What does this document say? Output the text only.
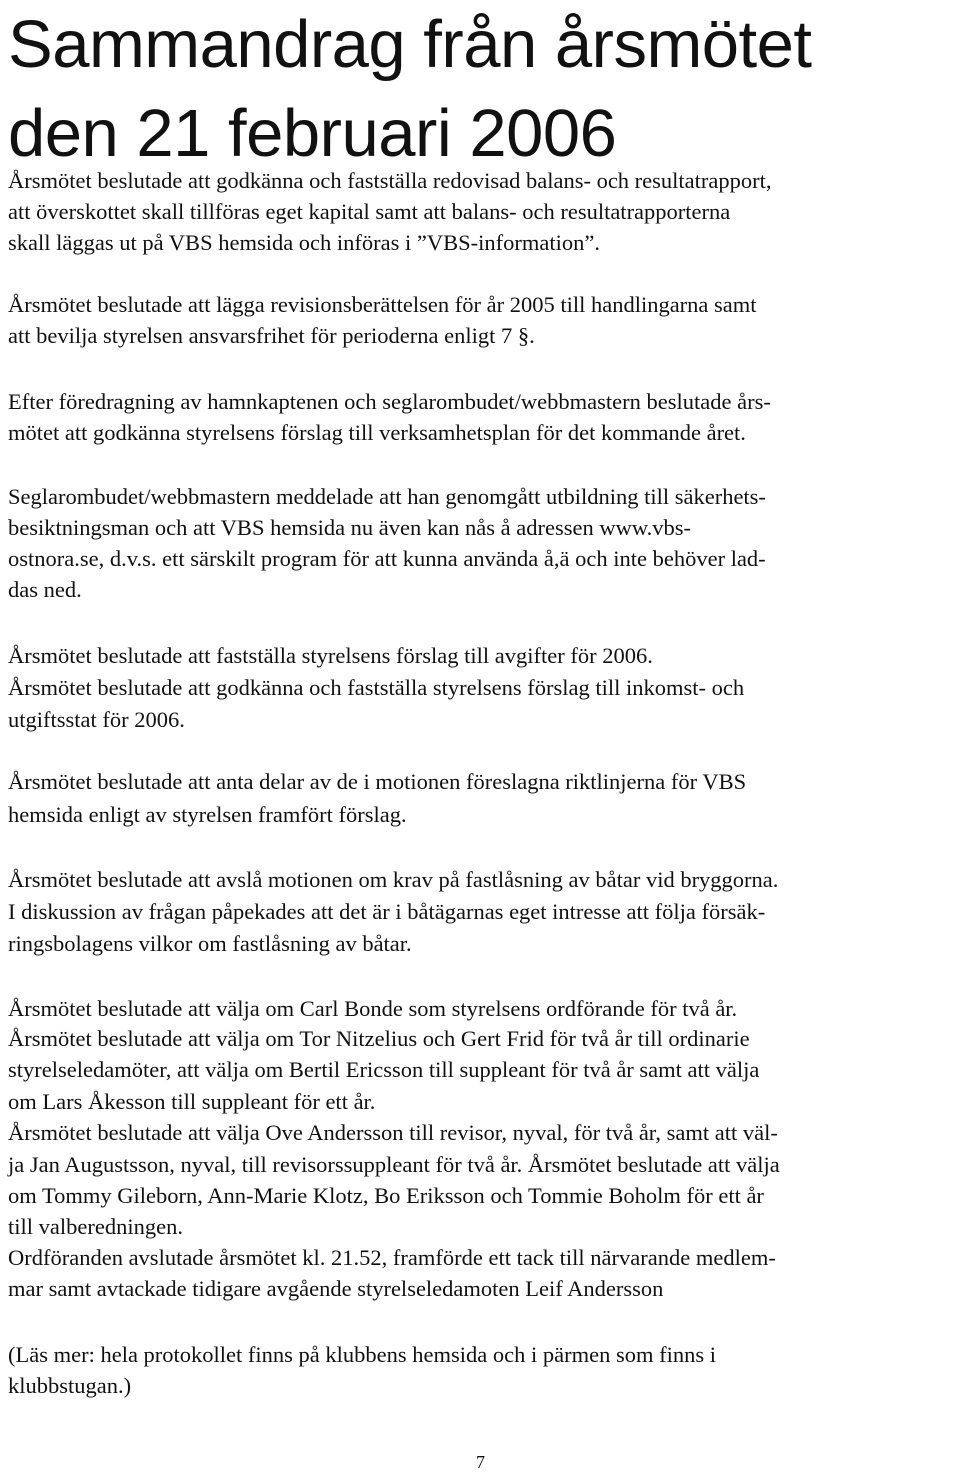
Sammandrag från årsmötet
den 21 februari 2006
Årsmötet beslutade att godkänna och fastställa redovisad balans- och resultatrapport,
att överskottet skall tillföras eget kapital samt att balans- och resultatrapporterna
skall läggas ut på VBS hemsida och införas i ”VBS-information”.
Årsmötet beslutade att lägga revisionsberättelsen för år 2005 till handlingarna samt
att bevilja styrelsen ansvarsfrihet för perioderna enligt 7 §.
Efter föredragning av hamnkaptenen och seglarombudet/webbmastern beslutade års-
mötet att godkänna styrelsens förslag till verksamhetsplan för det kommande året.
Seglarombudet/webbmastern meddelade att han genomgått utbildning till säkerhets-
besiktningsman och att VBS hemsida nu även kan nås å adressen www.vbs-
ostnora.se, d.v.s. ett särskilt program för att kunna använda å,ä och inte behöver lad-
das ned.
Årsmötet beslutade att fastställa styrelsens förslag till avgifter för 2006.
Årsmötet beslutade att godkänna och fastställa styrelsens förslag till inkomst- och
utgiftsstat för 2006.
Årsmötet beslutade att anta delar av de i motionen föreslagna riktlinjerna för VBS
hemsida enligt av styrelsen framfört förslag.
Årsmötet beslutade att avslå motionen om krav på fastlåsning av båtar vid bryggorna.
I diskussion av frågan påpekades att det är i båtägarnas eget intresse att följa försäk-
ringsbolagens vilkor om fastlåsning av båtar.
Årsmötet beslutade att välja om Carl Bonde som styrelsens ordförande för två år.
Årsmötet beslutade att välja om Tor Nitzelius och Gert Frid för två år till ordinarie
styrelseledamöter, att välja om Bertil Ericsson till suppleant för två år samt att välja
om Lars Åkesson till suppleant för ett år.
Årsmötet beslutade att välja Ove Andersson till revisor, nyval, för två år, samt att väl-
ja Jan Augustsson, nyval, till revisorssuppleant för två år. Årsmötet beslutade att välja
om Tommy Gileborn, Ann-Marie Klotz, Bo Eriksson och Tommie Boholm för ett år
till valberedningen.
Ordföranden avslutade årsmötet kl. 21.52, framförde ett tack till närvarande medlem-
mar samt avtackade tidigare avgående styrelseledamoten Leif Andersson
(Läs mer: hela protokollet finns på klubbens hemsida och i pärmen som finns i
klubbstugan.)
7
